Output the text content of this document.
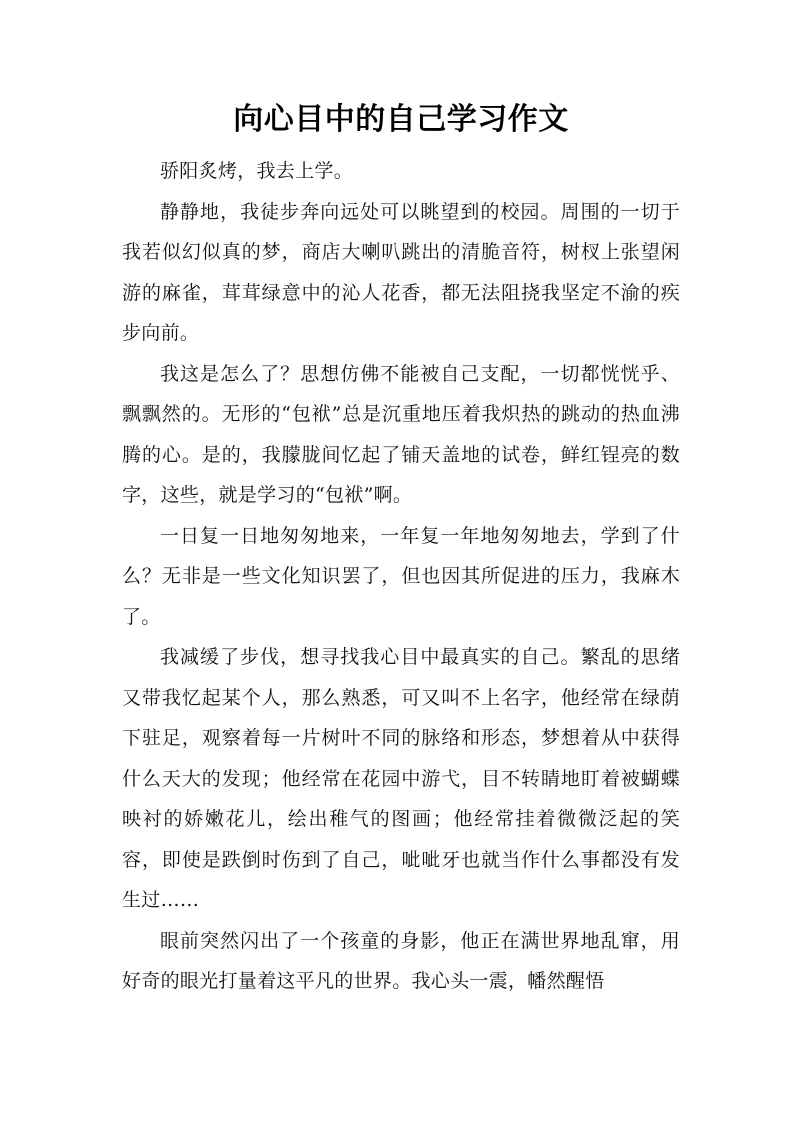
向心目中的自己学习作文

骄阳炙烤，我去上学。

静静地，我徒步奔向远处可以眺望到的校园。周围的一切于我若似幻似真的梦，商店大喇叭跳出的清脆音符，树杈上张望闲游的麻雀，茸茸绿意中的沁人花香，都无法阻挠我坚定不渝的疾步向前。

我这是怎么了？思想仿佛不能被自己支配，一切都恍恍乎、飘飘然的。无形的“包袱”总是沉重地压着我炽热的跳动的热血沸腾的心。是的，我朦胧间忆起了铺天盖地的试卷，鲜红锃亮的数字，这些，就是学习的“包袱”啊。

一日复一日地匆匆地来，一年复一年地匆匆地去，学到了什么？无非是一些文化知识罢了，但也因其所促进的压力，我麻木了。

我减缓了步伐，想寻找我心目中最真实的自己。繁乱的思绪又带我忆起某个人，那么熟悉，可又叫不上名字，他经常在绿荫下驻足，观察着每一片树叶不同的脉络和形态，梦想着从中获得什么天大的发现；他经常在花园中游弋，目不转睛地盯着被蝴蝶映衬的娇嫩花儿，绘出稚气的图画；他经常挂着微微泛起的笑容，即使是跌倒时伤到了自己，呲呲牙也就当作什么事都没有发生过……

眼前突然闪出了一个孩童的身影，他正在满世界地乱窜，用好奇的眼光打量着这平凡的世界。我心头一震，幡然醒悟
